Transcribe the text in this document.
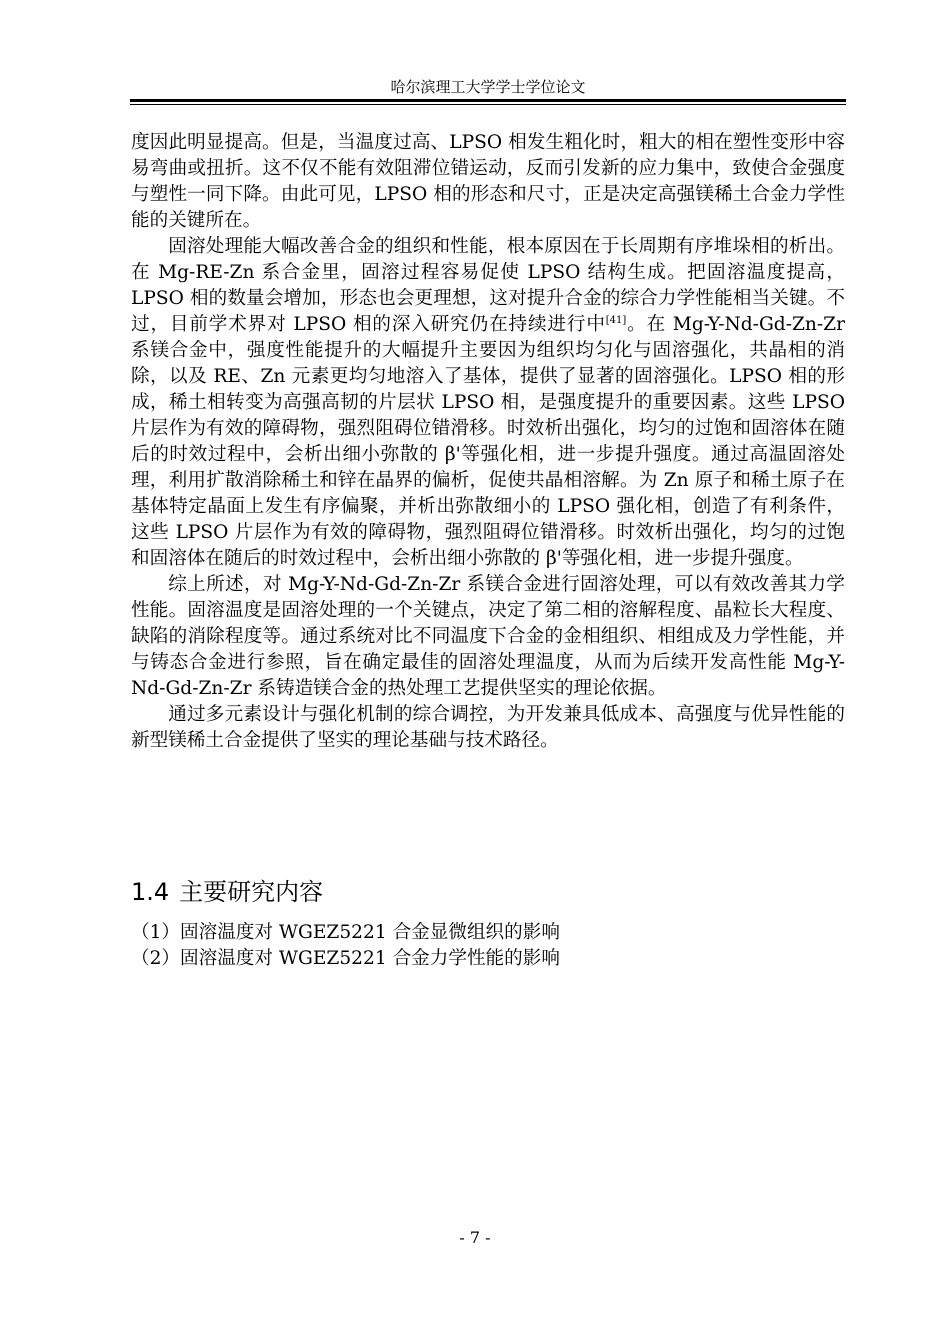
哈尔滨理工大学学士学位论文

度因此明显提高。但是，当温度过高、LPSO 相发生粗化时，粗大的相在塑性变形中容易弯曲或扭折。这不仅不能有效阻滞位错运动，反而引发新的应力集中，致使合金强度与塑性一同下降。由此可见，LPSO 相的形态和尺寸，正是决定高强镁稀土合金力学性能的关键所在。

固溶处理能大幅改善合金的组织和性能，根本原因在于长周期有序堆垛相的析出。在 Mg-RE-Zn 系合金里，固溶过程容易促使 LPSO 结构生成。把固溶温度提高，LPSO 相的数量会增加，形态也会更理想，这对提升合金的综合力学性能相当关键。不过，目前学术界对 LPSO 相的深入研究仍在持续进行中[41]。在 Mg-Y-Nd-Gd-Zn-Zr 系镁合金中，强度性能提升的大幅提升主要因为组织均匀化与固溶强化，共晶相的消除，以及 RE、Zn 元素更均匀地溶入了基体，提供了显著的固溶强化。LPSO 相的形成，稀土相转变为高强高韧的片层状 LPSO 相，是强度提升的重要因素。这些 LPSO 片层作为有效的障碍物，强烈阻碍位错滑移。时效析出强化，均匀的过饱和固溶体在随后的时效过程中，会析出细小弥散的 β'等强化相，进一步提升强度。通过高温固溶处理，利用扩散消除稀土和锌在晶界的偏析，促使共晶相溶解。为 Zn 原子和稀土原子在基体特定晶面上发生有序偏聚，并析出弥散细小的 LPSO 强化相，创造了有利条件，这些 LPSO 片层作为有效的障碍物，强烈阻碍位错滑移。时效析出强化，均匀的过饱和固溶体在随后的时效过程中，会析出细小弥散的 β'等强化相，进一步提升强度。

综上所述，对 Mg-Y-Nd-Gd-Zn-Zr 系镁合金进行固溶处理，可以有效改善其力学性能。固溶温度是固溶处理的一个关键点，决定了第二相的溶解程度、晶粒长大程度、缺陷的消除程度等。通过系统对比不同温度下合金的金相组织、相组成及力学性能，并与铸态合金进行参照，旨在确定最佳的固溶处理温度，从而为后续开发高性能 Mg-Y-Nd-Gd-Zn-Zr 系铸造镁合金的热处理工艺提供坚实的理论依据。

通过多元素设计与强化机制的综合调控，为开发兼具低成本、高强度与优异性能的新型镁稀土合金提供了坚实的理论基础与技术路径。

1.4 主要研究内容
（1）固溶温度对 WGEZ5221 合金显微组织的影响
（2）固溶温度对 WGEZ5221 合金力学性能的影响
- 7 -
